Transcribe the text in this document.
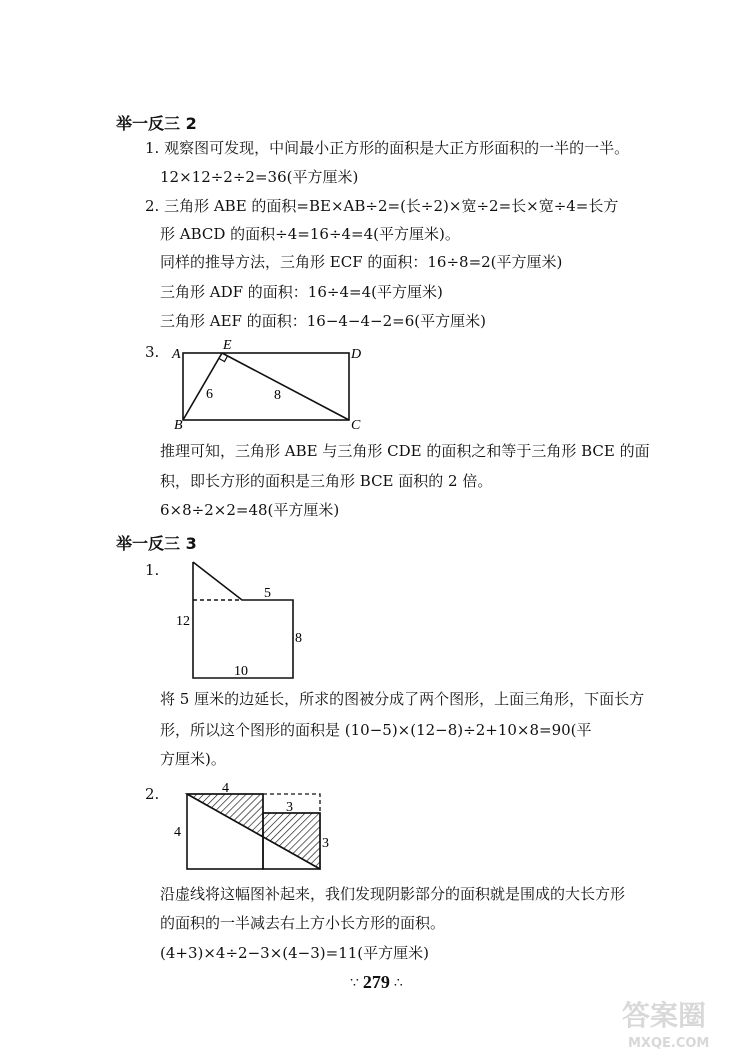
举一反三 2
1. 观察图可发现，中间最小正方形的面积是大正方形面积的一半的一半。
12×12÷2÷2=36(平方厘米)
2. 三角形 ABE 的面积=BE×AB÷2=(长÷2)×宽÷2=长×宽÷4=长方
形 ABCD 的面积÷4=16÷4=4(平方厘米)。
同样的推导方法，三角形 ECF 的面积：16÷8=2(平方厘米)
三角形 ADF 的面积：16÷4=4(平方厘米)
三角形 AEF 的面积：16−4−4−2=6(平方厘米)
3. A
B	C
D
E
6	8
推理可知，三角形 ABE 与三角形 CDE 的面积之和等于三角形 BCE 的面
积，即长方形的面积是三角形 BCE 面积的 2 倍。
6×8÷2×2=48(平方厘米)
举一反三 3
1.
5
12
8
10
将 5 厘米的边延长，所求的图被分成了两个图形，上面三角形，下面长方
形，所以这个图形的面积是 (10−5)×(12−8)÷2+10×8=90(平
方厘米)。
2.	4
4
3
3
沿虚线将这幅图补起来，我们发现阴影部分的面积就是围成的大长方形
的面积的一半减去右上方小长方形的面积。
(4+3)×4÷2−3×(4−3)=11(平方厘米)
∵ 279 ∴
答案圈
MXQE.COM
